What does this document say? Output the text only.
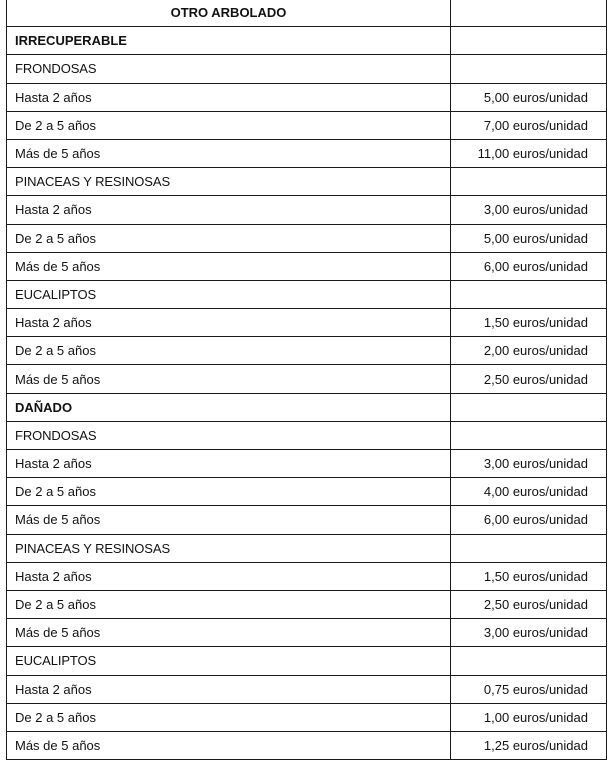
OTRO ARBOLADO	
IRRECUPERABLE	
FRONDOSAS	
Hasta 2 años	5,00 euros/unidad
De 2 a 5 años	7,00 euros/unidad
Más de 5 años	11,00 euros/unidad
PINACEAS Y RESINOSAS	
Hasta 2 años	3,00 euros/unidad
De 2 a 5 años	5,00 euros/unidad
Más de 5 años	6,00 euros/unidad
EUCALIPTOS	
Hasta 2 años	1,50 euros/unidad
De 2 a 5 años	2,00 euros/unidad
Más de 5 años	2,50 euros/unidad
DAÑADO	
FRONDOSAS	
Hasta 2 años	3,00 euros/unidad
De 2 a 5 años	4,00 euros/unidad
Más de 5 años	6,00 euros/unidad
PINACEAS Y RESINOSAS	
Hasta 2 años	1,50 euros/unidad
De 2 a 5 años	2,50 euros/unidad
Más de 5 años	3,00 euros/unidad
EUCALIPTOS	
Hasta 2 años	0,75 euros/unidad
De 2 a 5 años	1,00 euros/unidad
Más de 5 años	1,25 euros/unidad
